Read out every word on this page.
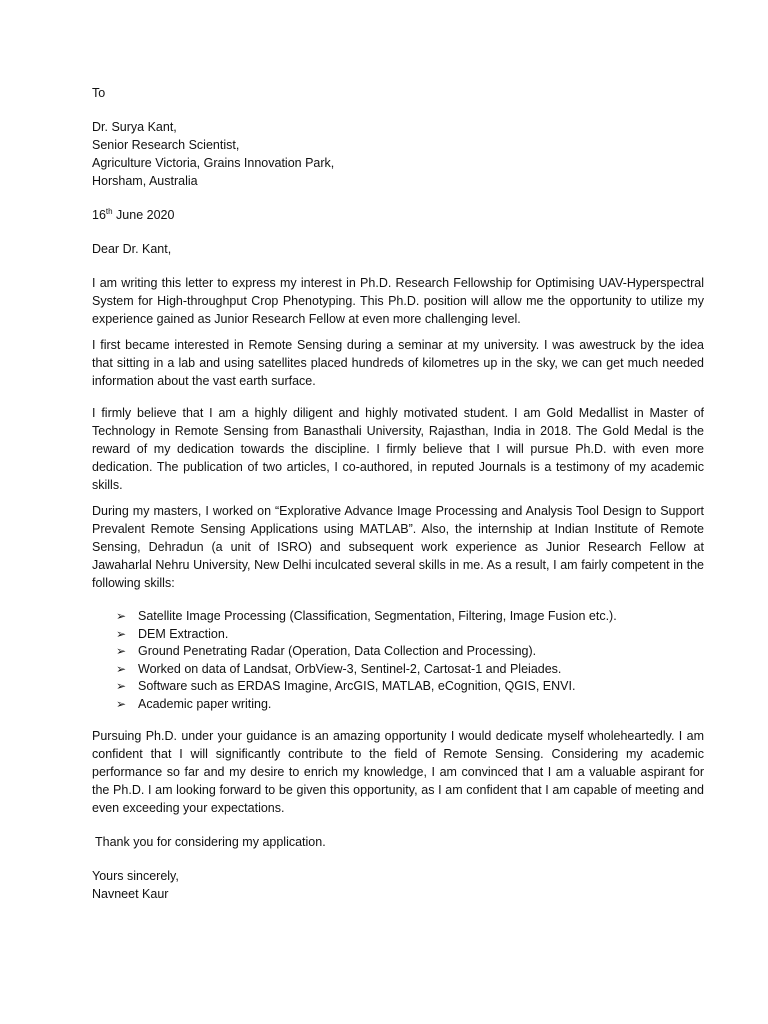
To
Dr. Surya Kant,
Senior Research Scientist,
Agriculture Victoria, Grains Innovation Park,
Horsham, Australia
16th June 2020
Dear Dr. Kant,

I am writing this letter to express my interest in Ph.D. Research Fellowship for Optimising UAV-Hyperspectral System for High-throughput Crop Phenotyping. This Ph.D. position will allow me the opportunity to utilize my experience gained as Junior Research Fellow at even more challenging level.

I first became interested in Remote Sensing during a seminar at my university. I was awestruck by the idea that sitting in a lab and using satellites placed hundreds of kilometres up in the sky, we can get much needed information about the vast earth surface.

I firmly believe that I am a highly diligent and highly motivated student. I am Gold Medallist in Master of Technology in Remote Sensing from Banasthali University, Rajasthan, India in 2018. The Gold Medal is the reward of my dedication towards the discipline. I firmly believe that I will pursue Ph.D. with even more dedication. The publication of two articles, I co-authored, in reputed Journals is a testimony of my academic skills.

During my masters, I worked on “Explorative Advance Image Processing and Analysis Tool Design to Support Prevalent Remote Sensing Applications using MATLAB”. Also, the internship at Indian Institute of Remote Sensing, Dehradun (a unit of ISRO) and subsequent work experience as Junior Research Fellow at Jawaharlal Nehru University, New Delhi inculcated several skills in me. As a result, I am fairly competent in the following skills:

➢ Satellite Image Processing (Classification, Segmentation, Filtering, Image Fusion etc.).
➢ DEM Extraction.
➢ Ground Penetrating Radar (Operation, Data Collection and Processing).
➢ Worked on data of Landsat, OrbView-3, Sentinel-2, Cartosat-1 and Pleiades.
➢ Software such as ERDAS Imagine, ArcGIS, MATLAB, eCognition, QGIS, ENVI.
➢ Academic paper writing.

Pursuing Ph.D. under your guidance is an amazing opportunity I would dedicate myself wholeheartedly. I am confident that I will significantly contribute to the field of Remote Sensing. Considering my academic performance so far and my desire to enrich my knowledge, I am convinced that I am a valuable aspirant for the Ph.D. I am looking forward to be given this opportunity, as I am confident that I am capable of meeting and even exceeding your expectations.

Thank you for considering my application.
Yours sincerely,
Navneet Kaur
